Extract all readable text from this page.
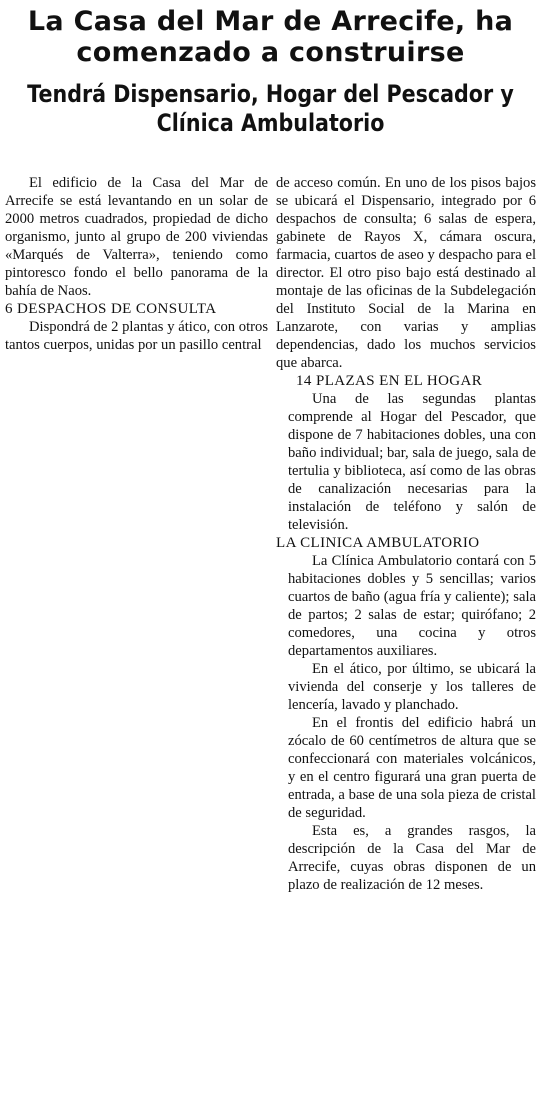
La Casa del Mar de Arrecife, ha comenzado a construirse
Tendrá Dispensario, Hogar del Pescador y Clínica Ambulatorio

El edificio de la Casa del Mar de Arrecife se está levantando en un solar de 2000 metros cuadrados, propiedad de dicho organismo, junto al grupo de 200 viviendas «Marqués de Valterra», teniendo como pintoresco fondo el bello panorama de la bahía de Naos.

6 DESPACHOS DE CONSULTA

Dispondrá de 2 plantas y ático, con otros tantos cuerpos, unidas por un pasillo central

de acceso común. En uno de los pisos bajos se ubicará el Dispensario, integrado por 6 despachos de consulta; 6 salas de espera, gabinete de Rayos X, cámara oscura, farmacia, cuartos de aseo y despacho para el director. El otro piso bajo está destinado al montaje de las oficinas de la Subdelegación del Instituto Social de la Marina en Lanzarote, con varias y amplias dependencias, dado los muchos servicios que abarca.

14 PLAZAS EN EL HOGAR

Una de las segundas plantas comprende al Hogar del Pescador, que dispone de 7 habitaciones dobles, una con baño individual; bar, sala de juego, sala de tertulia y biblioteca, así como de las obras de canalización necesarias para la instalación de teléfono y salón de televisión.

LA CLINICA AMBULATORIO

La Clínica Ambulatorio contará con 5 habitaciones dobles y 5 sencillas; varios cuartos de baño (agua fría y caliente); sala de partos; 2 salas de estar; quirófano; 2 comedores, una cocina y otros departamentos auxiliares.

En el ático, por último, se ubicará la vivienda del conserje y los talleres de lencería, lavado y planchado.

En el frontis del edificio habrá un zócalo de 60 centímetros de altura que se confeccionará con materiales volcánicos, y en el centro figurará una gran puerta de entrada, a base de una sola pieza de cristal de seguridad.

Esta es, a grandes rasgos, la descripción de la Casa del Mar de Arrecife, cuyas obras disponen de un plazo de realización de 12 meses.
